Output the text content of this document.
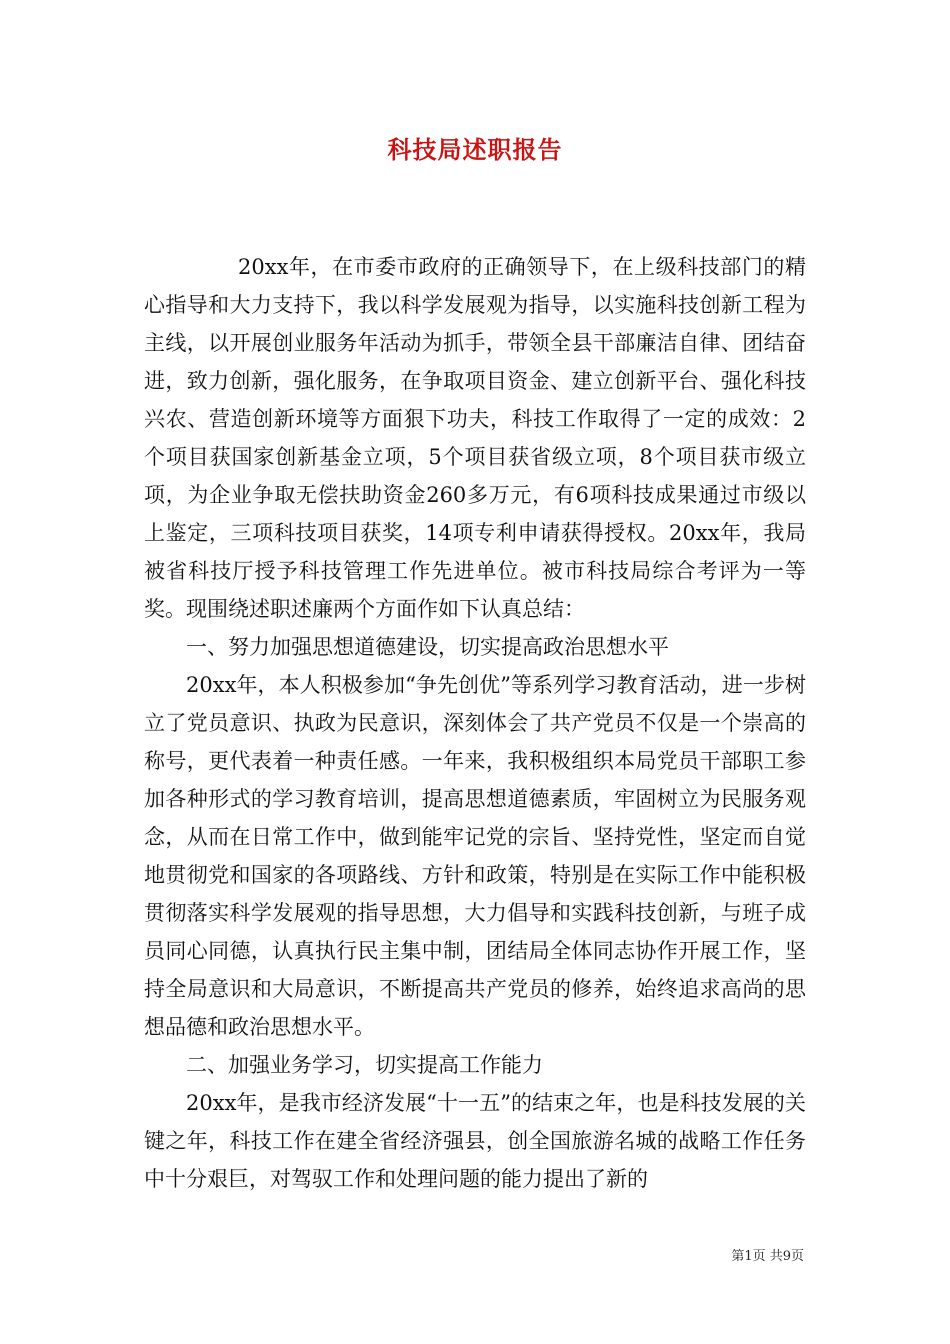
科技局述职报告

20xx年，在市委市政府的正确领导下，在上级科技部门的精心指导和大力支持下，我以科学发展观为指导，以实施科技创新工程为主线，以开展创业服务年活动为抓手，带领全县干部廉洁自律、团结奋进，致力创新，强化服务，在争取项目资金、建立创新平台、强化科技兴农、营造创新环境等方面狠下功夫，科技工作取得了一定的成效：2个项目获国家创新基金立项，5个项目获省级立项，8个项目获市级立项，为企业争取无偿扶助资金260多万元，有6项科技成果通过市级以上鉴定，三项科技项目获奖，14项专利申请获得授权。20xx年，我局被省科技厅授予科技管理工作先进单位。被市科技局综合考评为一等奖。现围绕述职述廉两个方面作如下认真总结：

一、努力加强思想道德建设，切实提高政治思想水平

20xx年，本人积极参加“争先创优”等系列学习教育活动，进一步树立了党员意识、执政为民意识，深刻体会了共产党员不仅是一个崇高的称号，更代表着一种责任感。一年来，我积极组织本局党员干部职工参加各种形式的学习教育培训，提高思想道德素质，牢固树立为民服务观念，从而在日常工作中，做到能牢记党的宗旨、坚持党性，坚定而自觉地贯彻党和国家的各项路线、方针和政策，特别是在实际工作中能积极贯彻落实科学发展观的指导思想，大力倡导和实践科技创新，与班子成员同心同德，认真执行民主集中制，团结局全体同志协作开展工作，坚持全局意识和大局意识，不断提高共产党员的修养，始终追求高尚的思想品德和政治思想水平。

二、加强业务学习，切实提高工作能力

20xx年，是我市经济发展“十一五”的结束之年，也是科技发展的关键之年，科技工作在建全省经济强县，创全国旅游名城的战略工作任务中十分艰巨，对驾驭工作和处理问题的能力提出了新的

第1页 共9页
